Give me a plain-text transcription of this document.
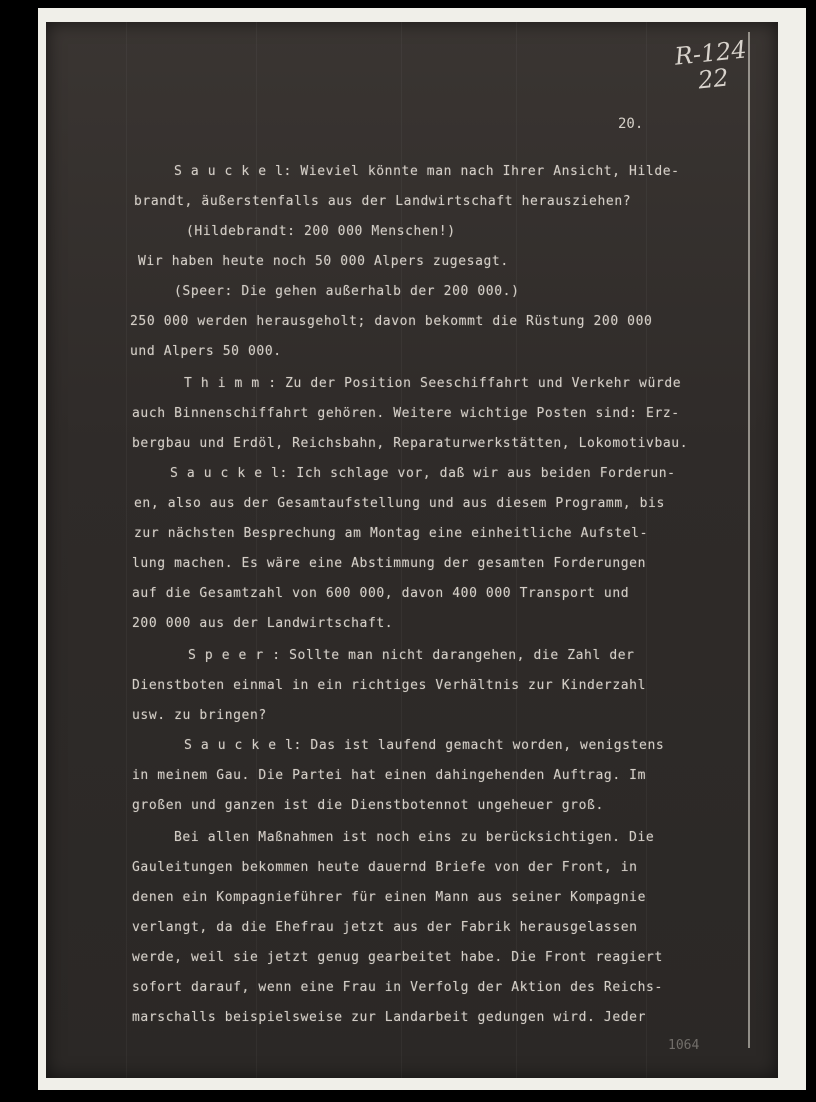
R-124
22
20.
S a u c k e l: Wieviel könnte man nach Ihrer Ansicht, Hilde-
brandt, äußerstenfalls aus der Landwirtschaft herausziehen?
(Hildebrandt: 200 000 Menschen!)
Wir haben heute noch 50 000 Alpers zugesagt.
(Speer: Die gehen außerhalb der 200 000.)
250 000 werden herausgeholt; davon bekommt die Rüstung 200 000
und Alpers 50 000.
T h i m m : Zu der Position Seeschiffahrt und Verkehr würde
auch Binnenschiffahrt gehören. Weitere wichtige Posten sind: Erz-
bergbau und Erdöl, Reichsbahn, Reparaturwerkstätten, Lokomotivbau.
S a u c k e l: Ich schlage vor, daß wir aus beiden Forderun-
en, also aus der Gesamtaufstellung und aus diesem Programm, bis
zur nächsten Besprechung am Montag eine einheitliche Aufstel-
lung machen. Es wäre eine Abstimmung der gesamten Forderungen
auf die Gesamtzahl von 600 000, davon 400 000 Transport und
200 000 aus der Landwirtschaft.
S p e e r : Sollte man nicht darangehen, die Zahl der
Dienstboten einmal in ein richtiges Verhältnis zur Kinderzahl
usw. zu bringen?
S a u c k e l: Das ist laufend gemacht worden, wenigstens
in meinem Gau. Die Partei hat einen dahingehenden Auftrag. Im
großen und ganzen ist die Dienstbotennot ungeheuer groß.
Bei allen Maßnahmen ist noch eins zu berücksichtigen. Die
Gauleitungen bekommen heute dauernd Briefe von der Front, in
denen ein Kompagnieführer für einen Mann aus seiner Kompagnie
verlangt, da die Ehefrau jetzt aus der Fabrik herausgelassen
werde, weil sie jetzt genug gearbeitet habe. Die Front reagiert
sofort darauf, wenn eine Frau in Verfolg der Aktion des Reichs-
marschalls beispielsweise zur Landarbeit gedungen wird. Jeder
1064
